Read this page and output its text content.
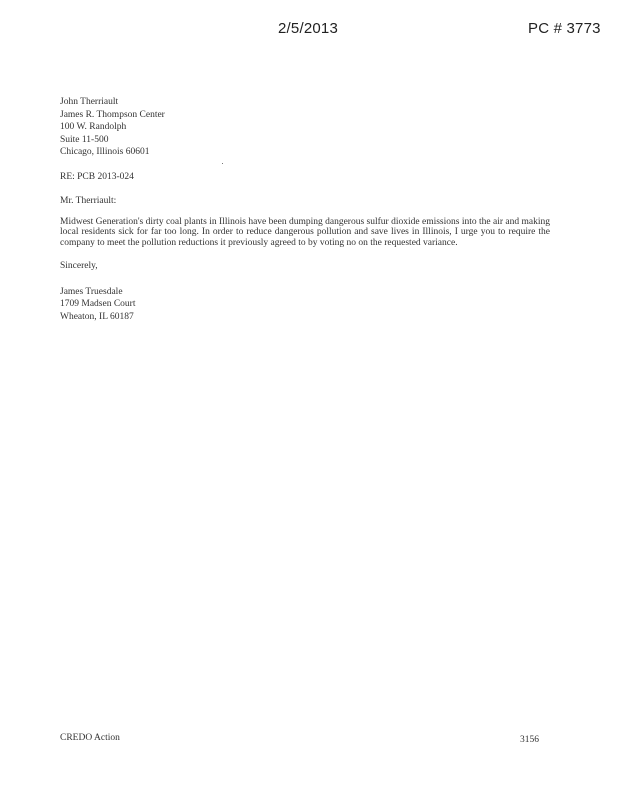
2/5/2013	PC # 3773
John Therriault
James R. Thompson Center
100 W. Randolph
Suite 11-500
Chicago, Illinois 60601
RE: PCB 2013-024
Mr. Therriault:
Midwest Generation's dirty coal plants in Illinois have been dumping dangerous sulfur dioxide emissions into the air and making local residents sick for far too long. In order to reduce dangerous pollution and save lives in Illinois, I urge you to require the company to meet the pollution reductions it previously agreed to by voting no on the requested variance.
Sincerely,
James Truesdale
1709 Madsen Court
Wheaton, IL 60187
CREDO Action	3156
